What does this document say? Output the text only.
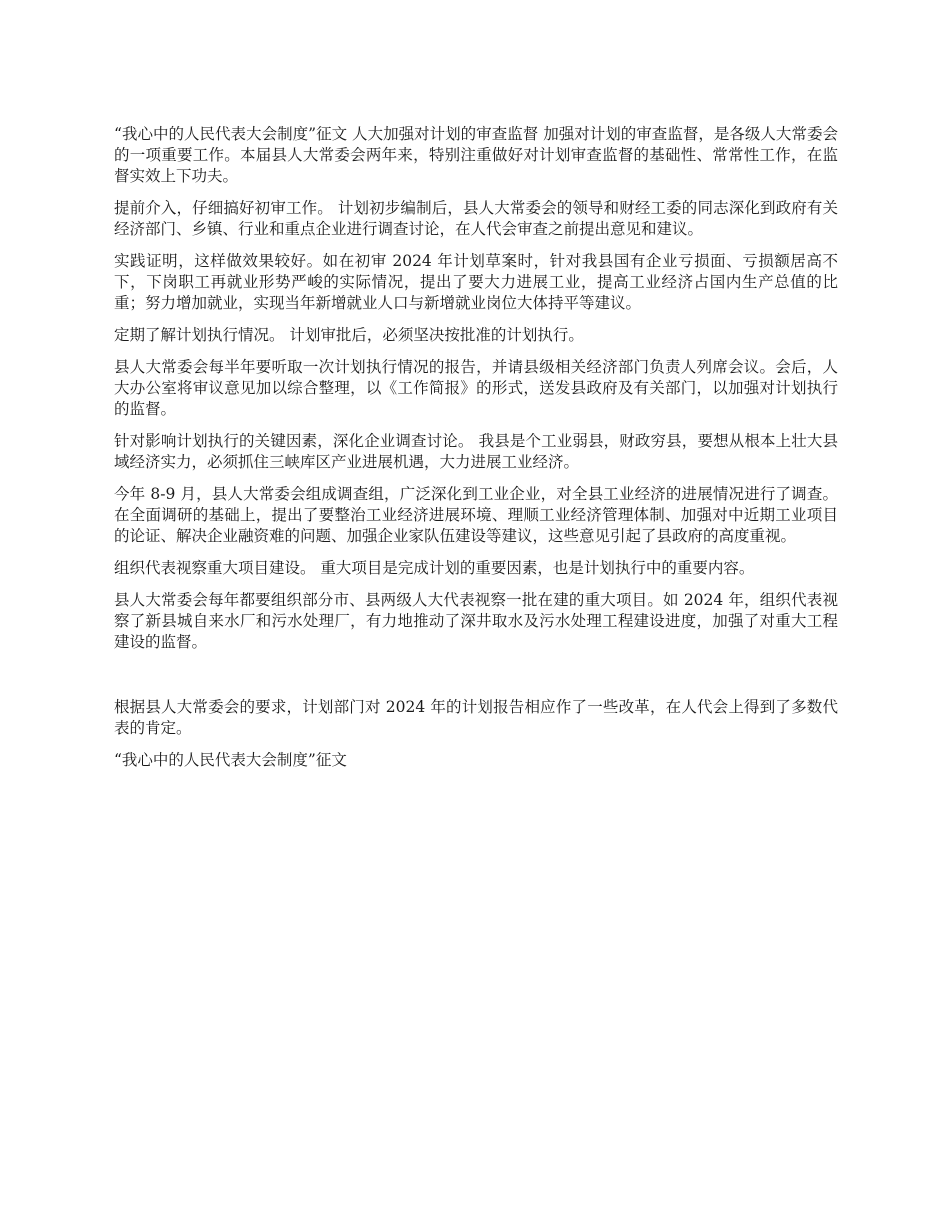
“我心中的人民代表大会制度”征文 人大加强对计划的审查监督 加强对计划的审查监督，是各级人大常委会的一项重要工作。本届县人大常委会两年来，特别注重做好对计划审查监督的基础性、常常性工作，在监督实效上下功夫。

提前介入，仔细搞好初审工作。 计划初步编制后，县人大常委会的领导和财经工委的同志深化到政府有关经济部门、乡镇、行业和重点企业进行调查讨论，在人代会审查之前提出意见和建议。

实践证明，这样做效果较好。如在初审 2024 年计划草案时，针对我县国有企业亏损面、亏损额居高不下，下岗职工再就业形势严峻的实际情况，提出了要大力进展工业，提高工业经济占国内生产总值的比重；努力增加就业，实现当年新增就业人口与新增就业岗位大体持平等建议。

定期了解计划执行情况。 计划审批后，必须坚决按批准的计划执行。

县人大常委会每半年要听取一次计划执行情况的报告，并请县级相关经济部门负责人列席会议。会后，人大办公室将审议意见加以综合整理，以《工作简报》的形式，送发县政府及有关部门，以加强对计划执行的监督。

针对影响计划执行的关键因素，深化企业调查讨论。 我县是个工业弱县，财政穷县，要想从根本上壮大县域经济实力，必须抓住三峡库区产业进展机遇，大力进展工业经济。

今年 8-9 月，县人大常委会组成调查组，广泛深化到工业企业，对全县工业经济的进展情况进行了调查。在全面调研的基础上，提出了要整治工业经济进展环境、理顺工业经济管理体制、加强对中近期工业项目的论证、解决企业融资难的问题、加强企业家队伍建设等建议，这些意见引起了县政府的高度重视。

组织代表视察重大项目建设。 重大项目是完成计划的重要因素，也是计划执行中的重要内容。

县人大常委会每年都要组织部分市、县两级人大代表视察一批在建的重大项目。如 2024 年，组织代表视察了新县城自来水厂和污水处理厂，有力地推动了深井取水及污水处理工程建设进度，加强了对重大工程建设的监督。

根据县人大常委会的要求，计划部门对 2024 年的计划报告相应作了一些改革，在人代会上得到了多数代表的肯定。

“我心中的人民代表大会制度”征文
